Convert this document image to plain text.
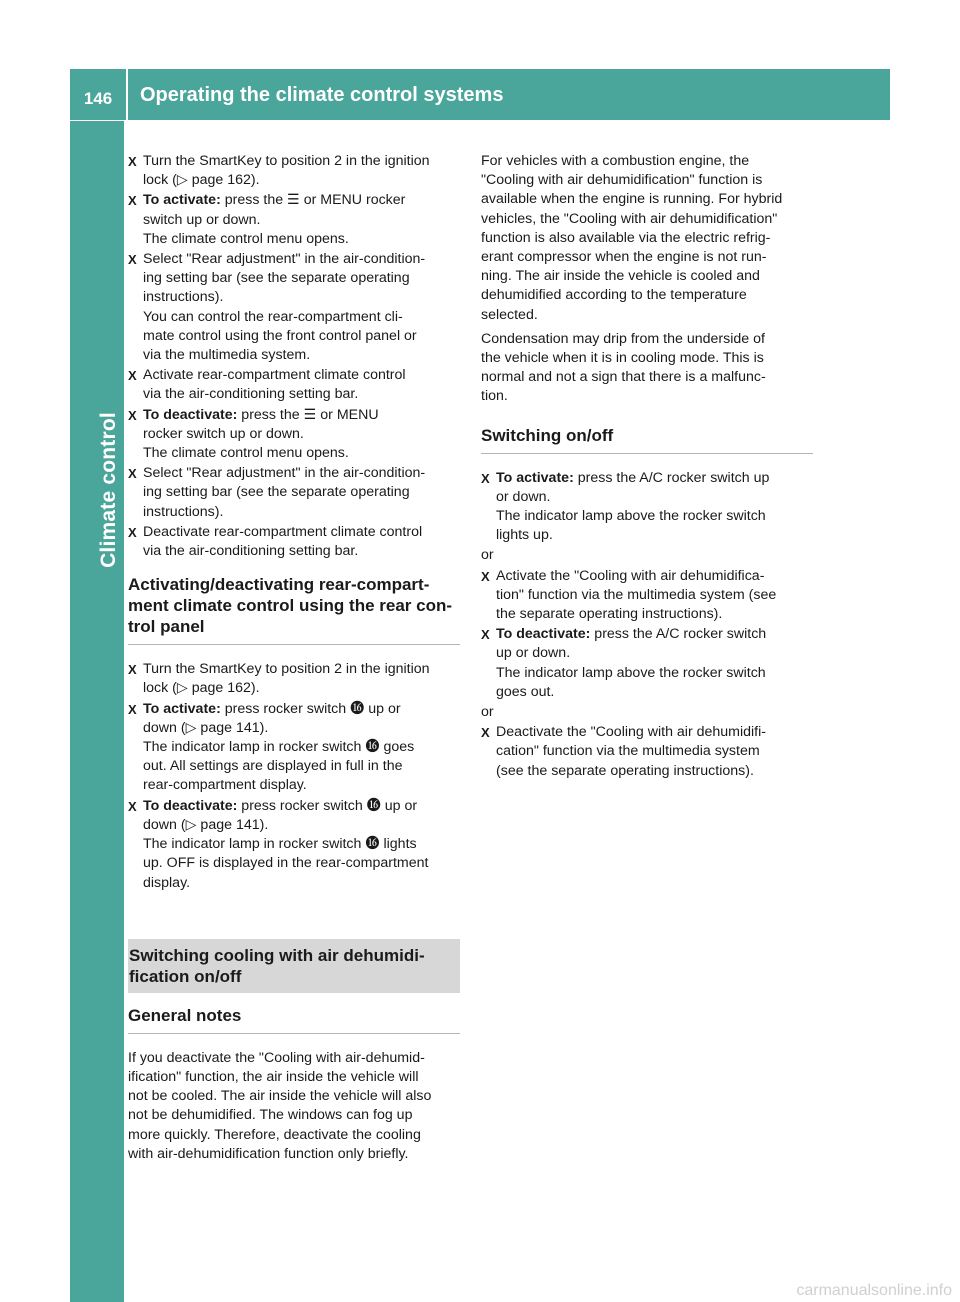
146	Operating the climate control systems
Climate control
X Turn the SmartKey to position 2 in the ignition
lock (▷ page 162).
X To activate: press the ☰ or MENU rocker
switch up or down.
The climate control menu opens.
X Select "Rear adjustment" in the air-condition-
ing setting bar (see the separate operating
instructions).
You can control the rear-compartment cli-
mate control using the front control panel or
via the multimedia system.
X Activate rear-compartment climate control
via the air-conditioning setting bar.
X To deactivate: press the ☰ or MENU
rocker switch up or down.
The climate control menu opens.
X Select "Rear adjustment" in the air-condition-
ing setting bar (see the separate operating
instructions).
X Deactivate rear-compartment climate control
via the air-conditioning setting bar.
Activating/deactivating rear-compart-
ment climate control using the rear con-
trol panel
X Turn the SmartKey to position 2 in the ignition
lock (▷ page 162).
X To activate: press rocker switch ⓰ up or
down (▷ page 141).
The indicator lamp in rocker switch ⓰ goes
out. All settings are displayed in full in the
rear-compartment display.
X To deactivate: press rocker switch ⓰ up or
down (▷ page 141).
The indicator lamp in rocker switch ⓰ lights
up. OFF is displayed in the rear-compartment
display.
Switching cooling with air dehumidi-
fication on/off
General notes
If you deactivate the "Cooling with air-dehumid-
ification" function, the air inside the vehicle will
not be cooled. The air inside the vehicle will also
not be dehumidified. The windows can fog up
more quickly. Therefore, deactivate the cooling
with air-dehumidification function only briefly.
For vehicles with a combustion engine, the
"Cooling with air dehumidification" function is
available when the engine is running. For hybrid
vehicles, the "Cooling with air dehumidification"
function is also available via the electric refrig-
erant compressor when the engine is not run-
ning. The air inside the vehicle is cooled and
dehumidified according to the temperature
selected.
Condensation may drip from the underside of
the vehicle when it is in cooling mode. This is
normal and not a sign that there is a malfunc-
tion.
Switching on/off
X To activate: press the A/C rocker switch up
or down.
The indicator lamp above the rocker switch
lights up.
or
X Activate the "Cooling with air dehumidifica-
tion" function via the multimedia system (see
the separate operating instructions).
X To deactivate: press the A/C rocker switch
up or down.
The indicator lamp above the rocker switch
goes out.
or
X Deactivate the "Cooling with air dehumidifi-
cation" function via the multimedia system
(see the separate operating instructions).
carmanualsonline.info
